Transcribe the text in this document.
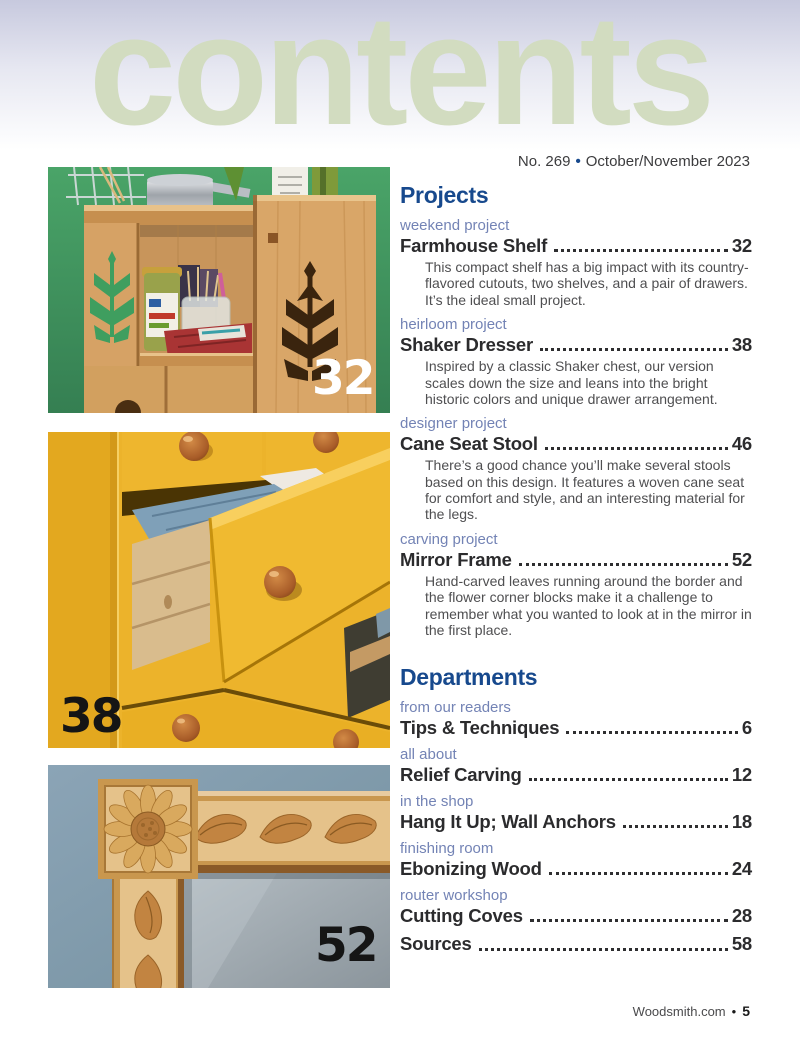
contents
No. 269 • October/November 2023
32
38
52
Projects
weekend project
Farmhouse Shelf	32

This compact shelf has a big impact with its country-flavored cutouts, two shelves, and a pair of drawers. It’s the ideal small project.

heirloom project
Shaker Dresser	38

Inspired by a classic Shaker chest, our version scales down the size and leans into the bright historic colors and unique drawer arrangement.

designer project
Cane Seat Stool	46

There’s a good chance you’ll make several stools based on this design. It features a woven cane seat for comfort and style, and an interesting material for the legs.

carving project
Mirror Frame	52

Hand-carved leaves running around the border and the flower corner blocks make it a challenge to remember what you wanted to look at in the mirror in the first place.

Departments
from our readers
Tips & Techniques	6
all about
Relief Carving	12
in the shop
Hang It Up; Wall Anchors	18
finishing room
Ebonizing Wood	24
router workshop
Cutting Coves	28
Sources	58
Woodsmith.com • 5
